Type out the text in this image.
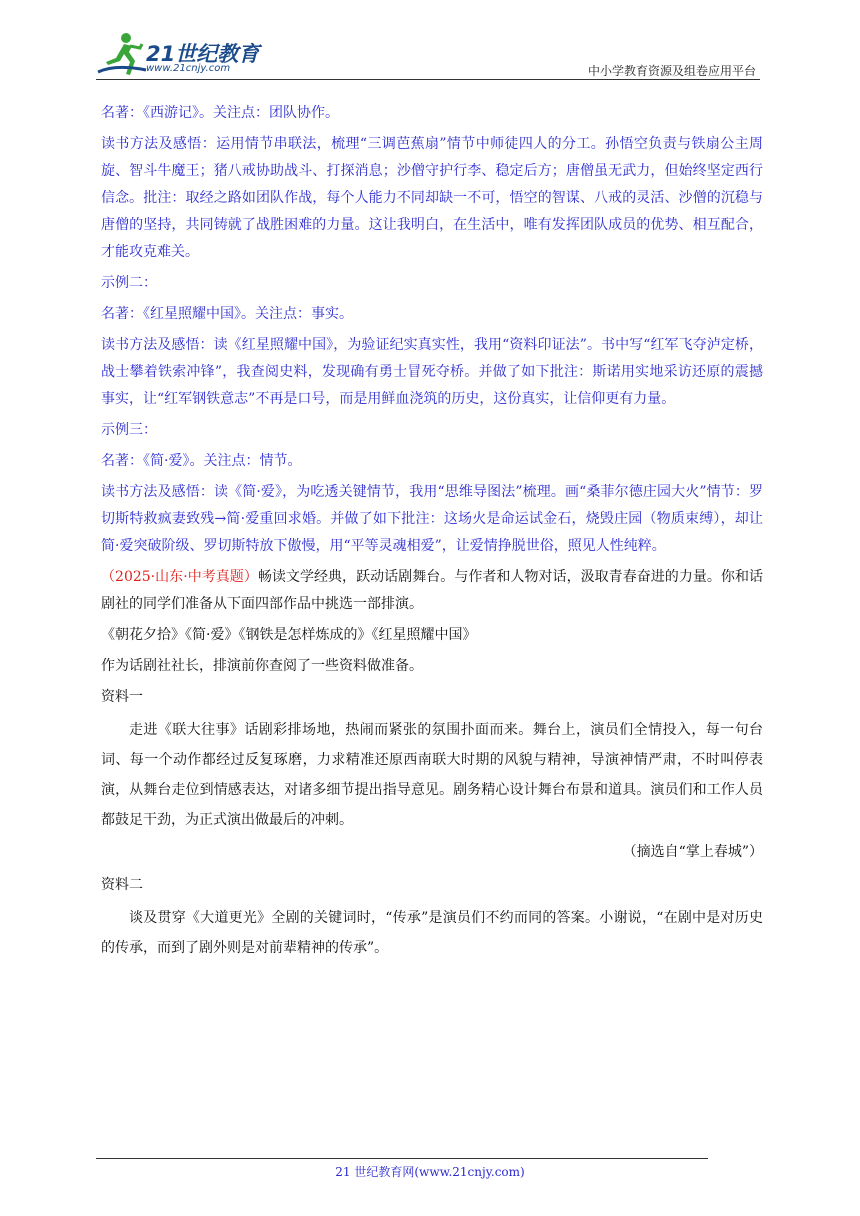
21世纪教育
www.21cnjy.com	中小学教育资源及组卷应用平台

名著：《西游记》。关注点：团队协作。

读书方法及感悟：运用情节串联法，梳理“三调芭蕉扇”情节中师徒四人的分工。孙悟空负责与铁扇公主周旋、智斗牛魔王；猪八戒协助战斗、打探消息；沙僧守护行李、稳定后方；唐僧虽无武力，但始终坚定西行信念。批注：取经之路如团队作战，每个人能力不同却缺一不可，悟空的智谋、八戒的灵活、沙僧的沉稳与唐僧的坚持，共同铸就了战胜困难的力量。这让我明白，在生活中，唯有发挥团队成员的优势、相互配合，才能攻克难关。

示例二：

名著：《红星照耀中国》。关注点：事实。

读书方法及感悟：读《红星照耀中国》，为验证纪实真实性，我用“资料印证法”。书中写“红军飞夺泸定桥，战士攀着铁索冲锋”，我查阅史料，发现确有勇士冒死夺桥。并做了如下批注：斯诺用实地采访还原的震撼事实，让“红军钢铁意志”不再是口号，而是用鲜血浇筑的历史，这份真实，让信仰更有力量。

示例三：

名著：《简·爱》。关注点：情节。

读书方法及感悟：读《简·爱》，为吃透关键情节，我用“思维导图法”梳理。画“桑菲尔德庄园大火”情节：罗切斯特救疯妻致残→简·爱重回求婚。并做了如下批注：这场火是命运试金石，烧毁庄园（物质束缚），却让简·爱突破阶级、罗切斯特放下傲慢，用“平等灵魂相爱”，让爱情挣脱世俗，照见人性纯粹。

（2025·山东·中考真题）畅读文学经典，跃动话剧舞台。与作者和人物对话，汲取青春奋进的力量。你和话剧社的同学们准备从下面四部作品中挑选一部排演。

《朝花夕拾》《简·爱》《钢铁是怎样炼成的》《红星照耀中国》

作为话剧社社长，排演前你查阅了一些资料做准备。

资料一

走进《联大往事》话剧彩排场地，热闹而紧张的氛围扑面而来。舞台上，演员们全情投入，每一句台词、每一个动作都经过反复琢磨，力求精准还原西南联大时期的风貌与精神，导演神情严肃，不时叫停表演，从舞台走位到情感表达，对诸多细节提出指导意见。剧务精心设计舞台布景和道具。演员们和工作人员都鼓足干劲，为正式演出做最后的冲刺。

（摘选自“掌上春城”）

资料二

谈及贯穿《大道更光》全剧的关键词时，“传承”是演员们不约而同的答案。小谢说，“在剧中是对历史的传承，而到了剧外则是对前辈精神的传承”。

21 世纪教育网(www.21cnjy.com)
